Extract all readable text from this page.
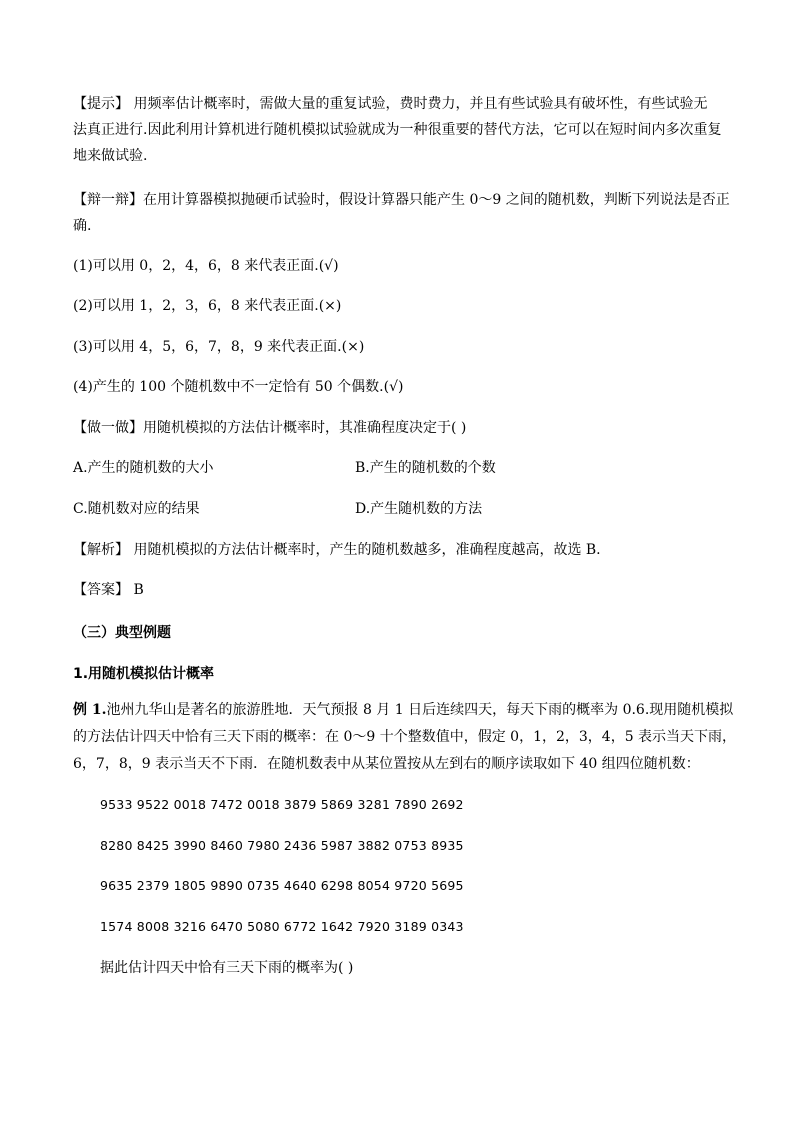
【提示】 用频率估计概率时，需做大量的重复试验，费时费力，并且有些试验具有破坏性，有些试验无
法真正进行.因此利用计算机进行随机模拟试验就成为一种很重要的替代方法，它可以在短时间内多次重复
地来做试验.
【辩一辩】在用计算器模拟抛硬币试验时，假设计算器只能产生 0～9 之间的随机数，判断下列说法是否正
确.
(1)可以用 0，2，4，6，8 来代表正面.(√)
(2)可以用 1，2，3，6，8 来代表正面.(×)
(3)可以用 4，5，6，7，8，9 来代表正面.(×)
(4)产生的 100 个随机数中不一定恰有 50 个偶数.(√)
【做一做】用随机模拟的方法估计概率时，其准确程度决定于( )
A.产生的随机数的大小	B.产生的随机数的个数
C.随机数对应的结果	D.产生随机数的方法
【解析】 用随机模拟的方法估计概率时，产生的随机数越多，准确程度越高，故选 B.
【答案】 B
（三）典型例题
1.用随机模拟估计概率
例 1.池州九华山是著名的旅游胜地．天气预报 8 月 1 日后连续四天，每天下雨的概率为 0.6.现用随机模拟
的方法估计四天中恰有三天下雨的概率：在 0～9 十个整数值中，假定 0，1，2，3，4，5 表示当天下雨，
6，7，8，9 表示当天不下雨．在随机数表中从某位置按从左到右的顺序读取如下 40 组四位随机数：
9533 9522 0018 7472 0018 3879 5869 3281 7890 2692
8280 8425 3990 8460 7980 2436 5987 3882 0753 8935
9635 2379 1805 9890 0735 4640 6298 8054 9720 5695
1574 8008 3216 6470 5080 6772 1642 7920 3189 0343
据此估计四天中恰有三天下雨的概率为( )
